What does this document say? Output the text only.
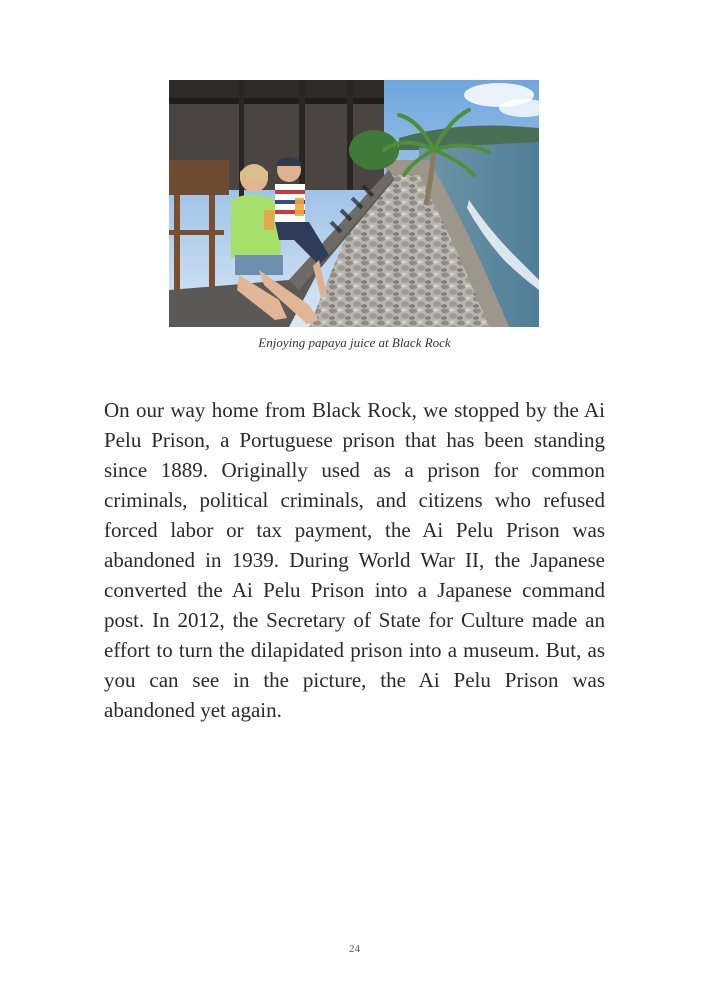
Enjoying papaya juice at Black Rock

On our way home from Black Rock, we stopped by the Ai Pelu Prison, a Portuguese prison that has been standing since 1889. Originally used as a prison for common criminals, political criminals, and citizens who refused forced labor or tax payment, the Ai Pelu Prison was abandoned in 1939. During World War II, the Japanese converted the Ai Pelu Prison into a Japanese command post. In 2012, the Secretary of State for Culture made an effort to turn the dilapidated prison into a museum. But, as you can see in the picture, the Ai Pelu Prison was abandoned yet again.

24
